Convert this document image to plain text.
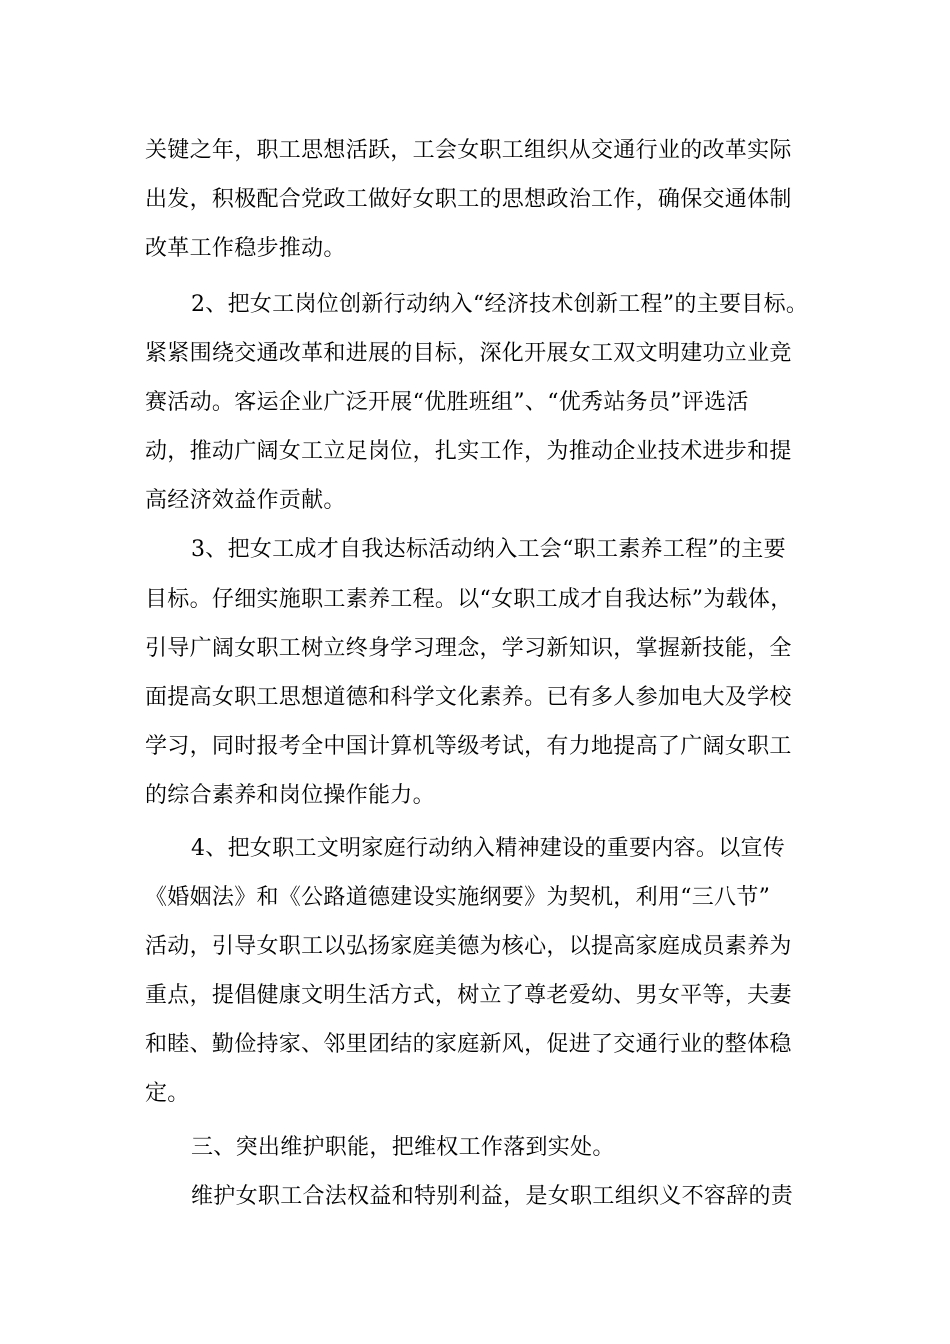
关键之年，职工思想活跃，工会女职工组织从交通行业的改革实际
出发，积极配合党政工做好女职工的思想政治工作，确保交通体制
改革工作稳步推动。
2、把女工岗位创新行动纳入“经济技术创新工程”的主要目标。
紧紧围绕交通改革和进展的目标，深化开展女工双文明建功立业竞
赛活动。客运企业广泛开展“优胜班组”、“优秀站务员”评选活
动，推动广阔女工立足岗位，扎实工作，为推动企业技术进步和提
高经济效益作贡献。
3、把女工成才自我达标活动纳入工会“职工素养工程”的主要
目标。仔细实施职工素养工程。以“女职工成才自我达标”为载体，
引导广阔女职工树立终身学习理念，学习新知识，掌握新技能，全
面提高女职工思想道德和科学文化素养。已有多人参加电大及学校
学习，同时报考全中国计算机等级考试，有力地提高了广阔女职工
的综合素养和岗位操作能力。
4、把女职工文明家庭行动纳入精神建设的重要内容。以宣传
《婚姻法》和《公路道德建设实施纲要》为契机，利用“三八节”
活动，引导女职工以弘扬家庭美德为核心，以提高家庭成员素养为
重点，提倡健康文明生活方式，树立了尊老爱幼、男女平等，夫妻
和睦、勤俭持家、邻里团结的家庭新风，促进了交通行业的整体稳
定。
三、突出维护职能，把维权工作落到实处。
维护女职工合法权益和特别利益，是女职工组织义不容辞的责
